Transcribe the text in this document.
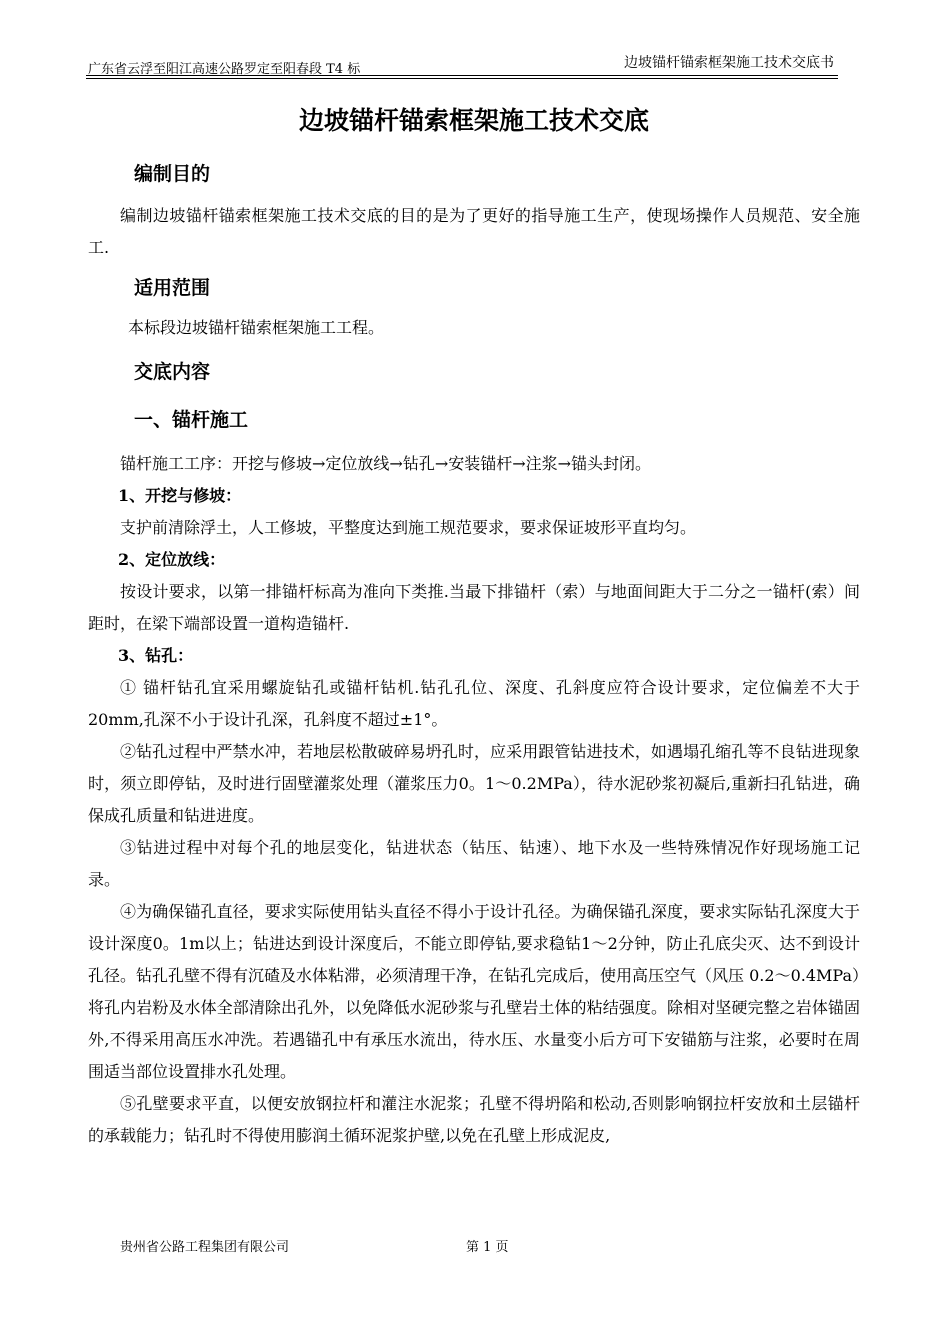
广东省云浮至阳江高速公路罗定至阳春段 T4 标	边坡锚杆锚索框架施工技术交底书
边坡锚杆锚索框架施工技术交底
编制目的

编制边坡锚杆锚索框架施工技术交底的目的是为了更好的指导施工生产，使现场操作人员规范、安全施工.

适用范围

本标段边坡锚杆锚索框架施工工程。

交底内容
一、锚杆施工

锚杆施工工序：开挖与修坡→定位放线→钻孔→安装锚杆→注浆→锚头封闭。

1、开挖与修坡：

支护前清除浮土，人工修坡，平整度达到施工规范要求，要求保证坡形平直均匀。

2、定位放线：

按设计要求，以第一排锚杆标高为准向下类推.当最下排锚杆（索）与地面间距大于二分之一锚杆(索）间距时，在梁下端部设置一道构造锚杆.

3、钻孔：

① 锚杆钻孔宜采用螺旋钻孔或锚杆钻机.钻孔孔位、深度、孔斜度应符合设计要求，定位偏差不大于20mm,孔深不小于设计孔深，孔斜度不超过±1°。

②钻孔过程中严禁水冲，若地层松散破碎易坍孔时，应采用跟管钻进技术，如遇塌孔缩孔等不良钻进现象时，须立即停钻，及时进行固壁灌浆处理（灌浆压力0。1～0.2MPa），待水泥砂浆初凝后,重新扫孔钻进，确保成孔质量和钻进进度。

③钻进过程中对每个孔的地层变化，钻进状态（钻压、钻速）、地下水及一些特殊情况作好现场施工记录。

④为确保锚孔直径，要求实际使用钻头直径不得小于设计孔径。为确保锚孔深度，要求实际钻孔深度大于设计深度0。1m以上；钻进达到设计深度后，不能立即停钻,要求稳钻1～2分钟，防止孔底尖灭、达不到设计孔径。钻孔孔壁不得有沉碴及水体粘滞，必须清理干净，在钻孔完成后，使用高压空气（风压 0.2～0.4MPa）将孔内岩粉及水体全部清除出孔外，以免降低水泥砂浆与孔壁岩土体的粘结强度。除相对坚硬完整之岩体锚固外,不得采用高压水冲洗。若遇锚孔中有承压水流出，待水压、水量变小后方可下安锚筋与注浆，必要时在周围适当部位设置排水孔处理。

⑤孔壁要求平直，以便安放钢拉杆和灌注水泥浆；孔壁不得坍陷和松动,否则影响钢拉杆安放和土层锚杆的承载能力；钻孔时不得使用膨润土循环泥浆护壁,以免在孔壁上形成泥皮,

贵州省公路工程集团有限公司	第 1 页
